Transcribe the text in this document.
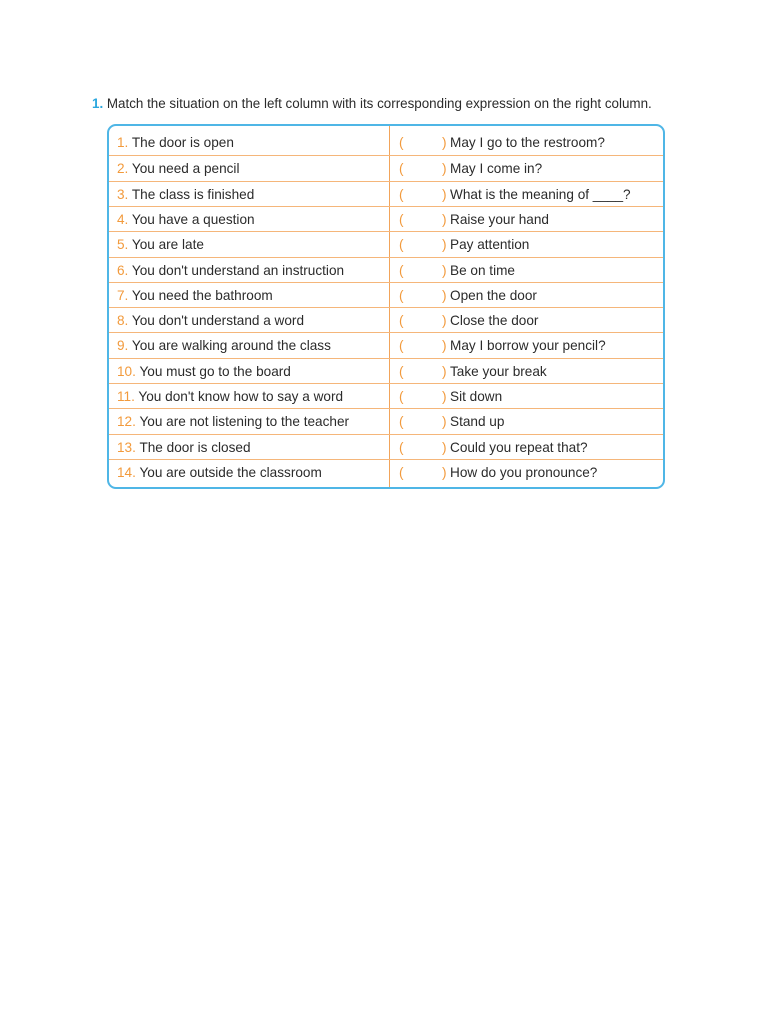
1. Match the situation on the left column with its corresponding expression on the right column.
1. The door is open	(	) May I go to the restroom?
2. You need a pencil	(	) May I come in?
3. The class is finished	(	) What is the meaning of ____?
4. You have a question	(	) Raise your hand
5. You are late	(	) Pay attention
6. You don't understand an instruction	(	) Be on time
7. You need the bathroom	(	) Open the door
8. You don't understand a word	(	) Close the door
9. You are walking around the class	(	) May I borrow your pencil?
10. You must go to the board	(	) Take your break
11. You don't know how to say a word	(	) Sit down
12. You are not listening to the teacher	(	) Stand up
13. The door is closed	(	) Could you repeat that?
14. You are outside the classroom	(	) How do you pronounce?
